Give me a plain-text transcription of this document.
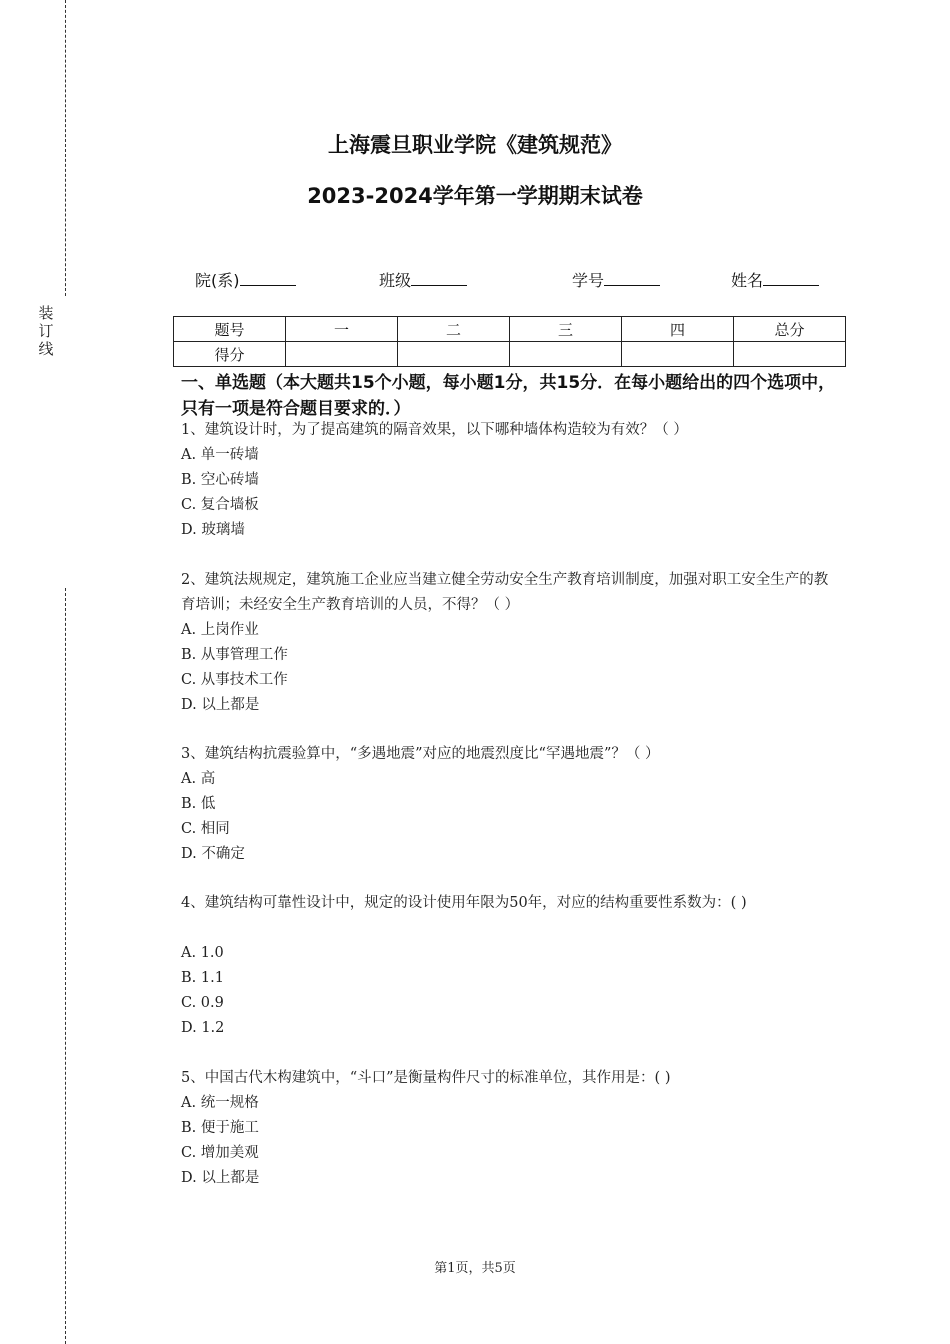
装
订
线
上海震旦职业学院《建筑规范》
2023-2024学年第一学期期末试卷
院(系)	班级	学号	姓名
题号	一	二	三	四	总分
得分					
一、单选题（本大题共15个小题，每小题1分，共15分．在每小题给出的四个选项中，只有一项是符合题目要求的．）
1、建筑设计时，为了提高建筑的隔音效果，以下哪种墙体构造较为有效？（ ）
A. 单一砖墙
B. 空心砖墙
C. 复合墙板
D. 玻璃墙
2、建筑法规规定，建筑施工企业应当建立健全劳动安全生产教育培训制度，加强对职工安全生产的教育培训；未经安全生产教育培训的人员，不得？（ ）
A. 上岗作业
B. 从事管理工作
C. 从事技术工作
D. 以上都是
3、建筑结构抗震验算中，“多遇地震”对应的地震烈度比“罕遇地震”？（ ）
A. 高
B. 低
C. 相同
D. 不确定
4、建筑结构可靠性设计中，规定的设计使用年限为50年，对应的结构重要性系数为：( )
A. 1.0
B. 1.1
C. 0.9
D. 1.2
5、中国古代木构建筑中，“斗口”是衡量构件尺寸的标准单位，其作用是：( )
A. 统一规格
B. 便于施工
C. 增加美观
D. 以上都是
第1页，共5页
